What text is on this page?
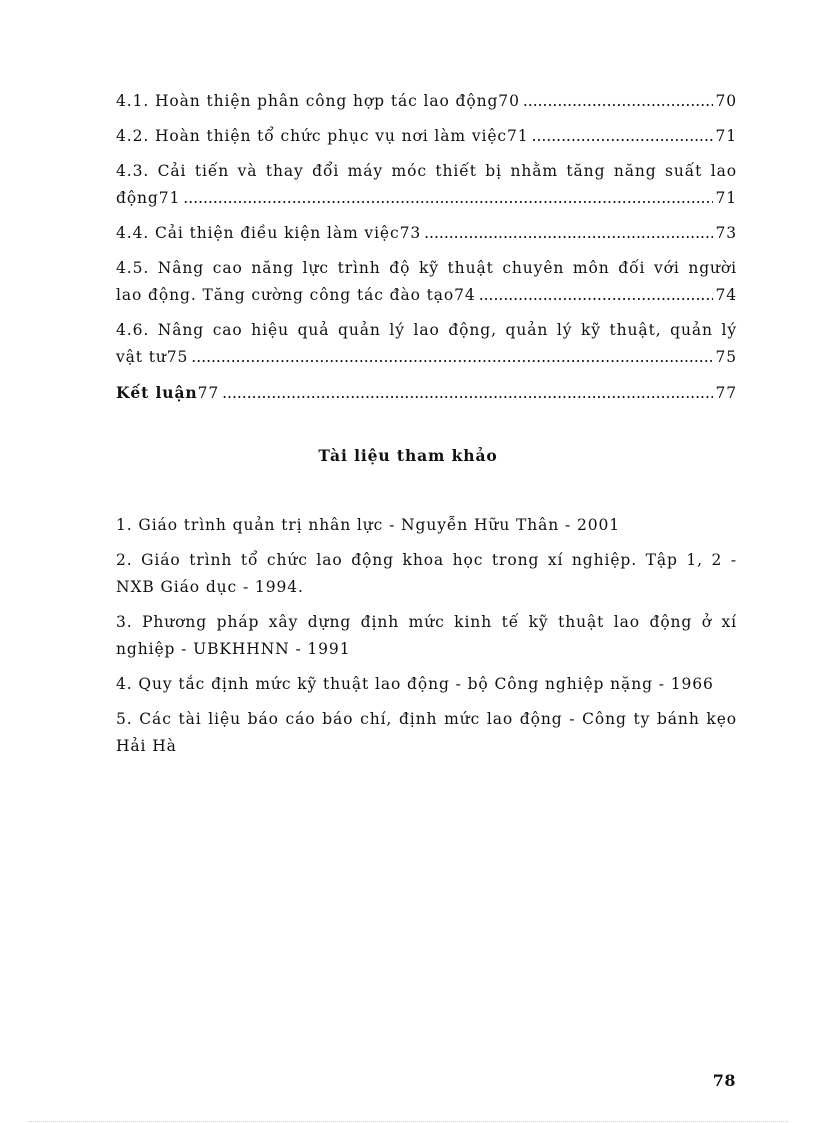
4.1. Hoàn thiện phân công hợp tác lao động70 .....	70
4.2. Hoàn thiện tổ chức phục vụ nơi làm việc71 .....	71
4.3. Cải tiến và thay đổi máy móc thiết bị nhằm tăng năng suất lao
động71 .....	71
4.4. Cải thiện điều kiện làm việc73 .....	73
4.5. Nâng cao năng lực trình độ kỹ thuật chuyên môn đối với người
lao động. Tăng cường công tác đào tạo74 .....	74
4.6. Nâng cao hiệu quả quản lý lao động, quản lý kỹ thuật, quản lý
vật tư75 .....	75
Kết luận77 .....	77
Tài liệu tham khảo
1. Giáo trình quản trị nhân lực - Nguyễn Hữu Thân - 2001
2. Giáo trình tổ chức lao động khoa học trong xí nghiệp. Tập 1, 2 - NXB Giáo dục - 1994.
3. Phương pháp xây dựng định mức kinh tế kỹ thuật lao động ở xí nghiệp - UBKHHNN - 1991
4. Quy tắc định mức kỹ thuật lao động - bộ Công nghiệp nặng - 1966
5. Các tài liệu báo cáo báo chí, định mức lao động - Công ty bánh kẹo Hải Hà
78
